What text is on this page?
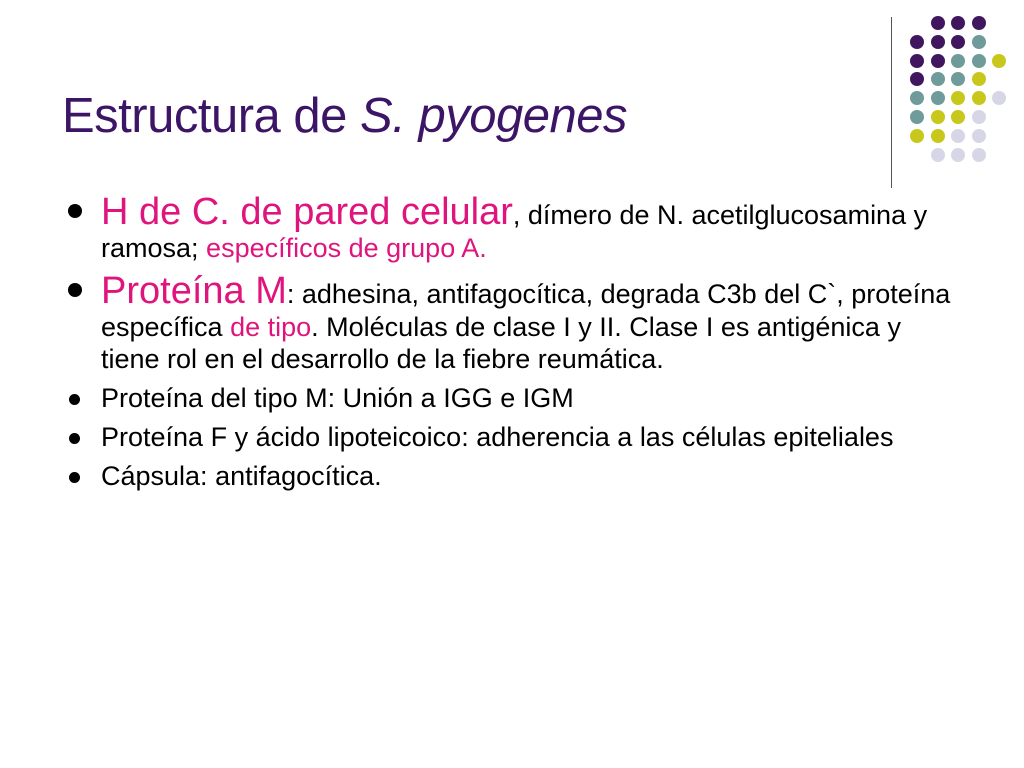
Estructura de S. pyogenes
H de C. de pared celular, dímero de N. acetilglucosamina y ramosa; específicos de grupo A.
Proteína M: adhesina, antifagocítica, degrada C3b del C`, proteína específica de tipo. Moléculas de clase I y II. Clase I es antigénica y tiene rol en el desarrollo de la fiebre reumática.
Proteína del tipo M: Unión a IGG e IGM
Proteína F y ácido lipoteicoico: adherencia a las células epiteliales
Cápsula: antifagocítica.
